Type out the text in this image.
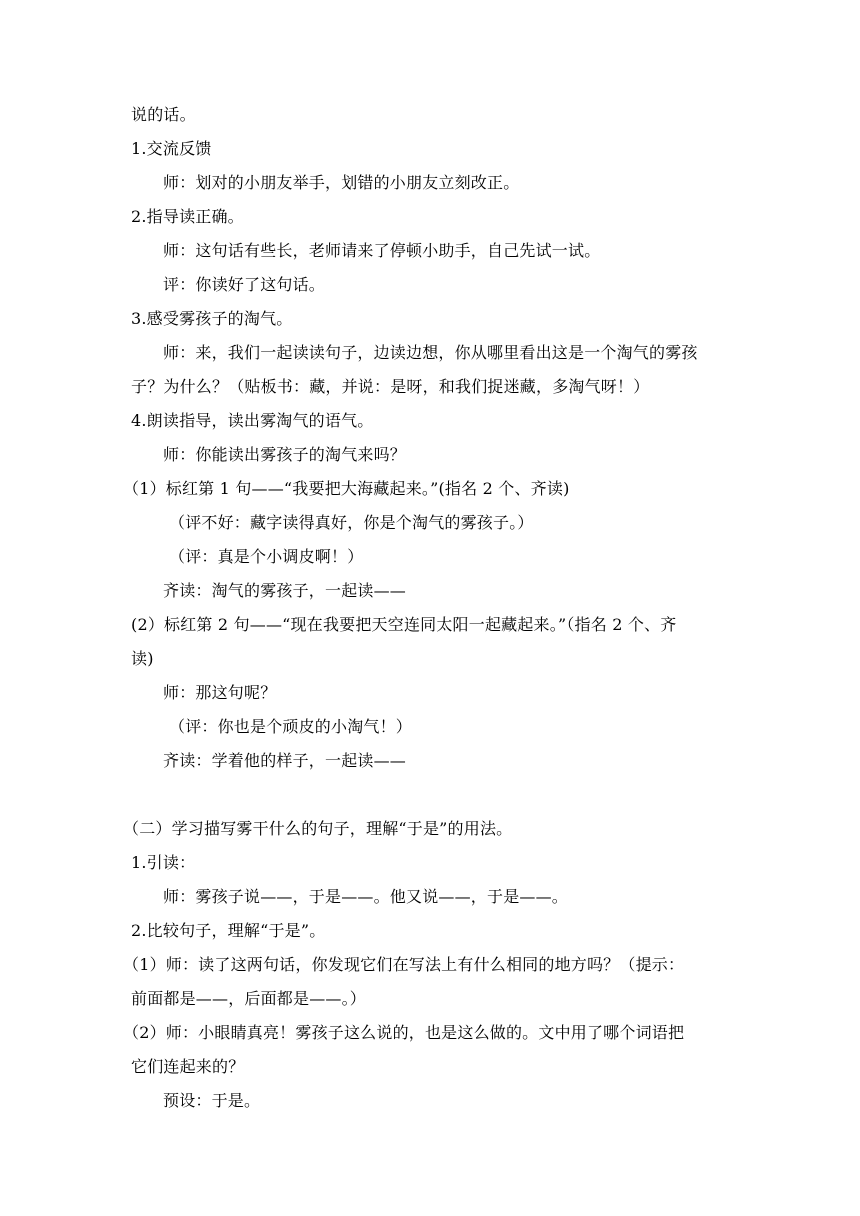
说的话。
1.交流反馈
师：划对的小朋友举手，划错的小朋友立刻改正。
2.指导读正确。
师：这句话有些长，老师请来了停顿小助手，自己先试一试。
评：你读好了这句话。
3.感受雾孩子的淘气。
师：来，我们一起读读句子，边读边想，你从哪里看出这是一个淘气的雾孩
子？为什么？（贴板书：藏，并说：是呀，和我们捉迷藏，多淘气呀！）
4.朗读指导，读出雾淘气的语气。
师：你能读出雾孩子的淘气来吗？
（1）标红第 1 句——“我要把大海藏起来。”(指名 2 个、齐读)
（评不好：藏字读得真好，你是个淘气的雾孩子。）
（评：真是个小调皮啊！）
齐读：淘气的雾孩子，一起读——
(2）标红第 2 句——“现在我要把天空连同太阳一起藏起来。”（指名 2 个、齐
读)
师：那这句呢？
（评：你也是个顽皮的小淘气！）
齐读：学着他的样子，一起读——
（二）学习描写雾干什么的句子，理解“于是”的用法。
1.引读：
师：雾孩子说——，于是——。他又说——，于是——。
2.比较句子，理解“于是”。
（1）师：读了这两句话，你发现它们在写法上有什么相同的地方吗？（提示：
前面都是——，后面都是——。）
（2）师：小眼睛真亮！雾孩子这么说的，也是这么做的。文中用了哪个词语把
它们连起来的？
预设：于是。
